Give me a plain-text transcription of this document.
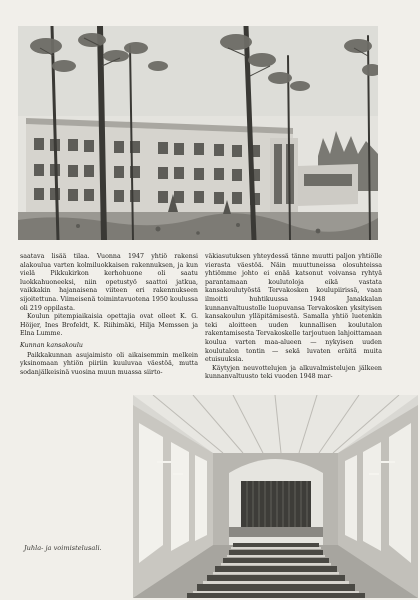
saatava lisää tilaa. Vuonna 1947 yhtiö rakensi alakoulua varten kolmiluokkaisen rakennuksen, ja kun vielä Pikkukirkon kerhohuone oli saatu luokkahuoneeksi, niin opetustyö saattoi jatkua, vaikkakin hajanaisena viiteen eri rakennukseen sijoitettuna. Viimeisenä toimintavuotena 1950 koulussa oli 219 oppilasta.

Koulun pitempiaikaisia opettajia ovat olleet K. G. Höijer, Ines Brofeldt, K. Riihimäki, Hilja Memssen ja Elna Lumme.

Kunnan kansakoulu

Paikkakunnan asujaimisto oli aikaisemmin melkein yksinomaan yhtiön piiriin kuuluvaa väestöä, mutta sodanjälkeisinä vuosina muun muassa siirto-

väkiasutuksen yhteydessä tänne muutti paljon yhtiölle vierasta väestöä. Näin muuttuneissa olosuhteissa yhtiömme johto ei enää katsonut voivansa ryhtyä parantamaan koulutoloja eikä vastata kansakoulutyöstä Tervakosken koulupiirissä, vaan ilmoitti huhtikuussa 1948 Janakkalan kunnanvaltuustolle luopuvansa Tervakosken yksityisen kansakoulun ylläpitämisestä. Samalla yhtiö luetenkin teki aloitteen uuden kunnallisen koulutalon rakentamisesta Tervakoskelle tarjoutuen lahjoittamaan koulua varten maa-alueen — nykyisen uuden koulutalon tontin — sekä luvaten eräitä muita etuisuuksia.

Käytyjen neuvottelujen ja alkuvalmistelujen jälkeen kunnanvaltuusto teki vuoden 1948 mar-

Juhla- ja voimistelusali.
